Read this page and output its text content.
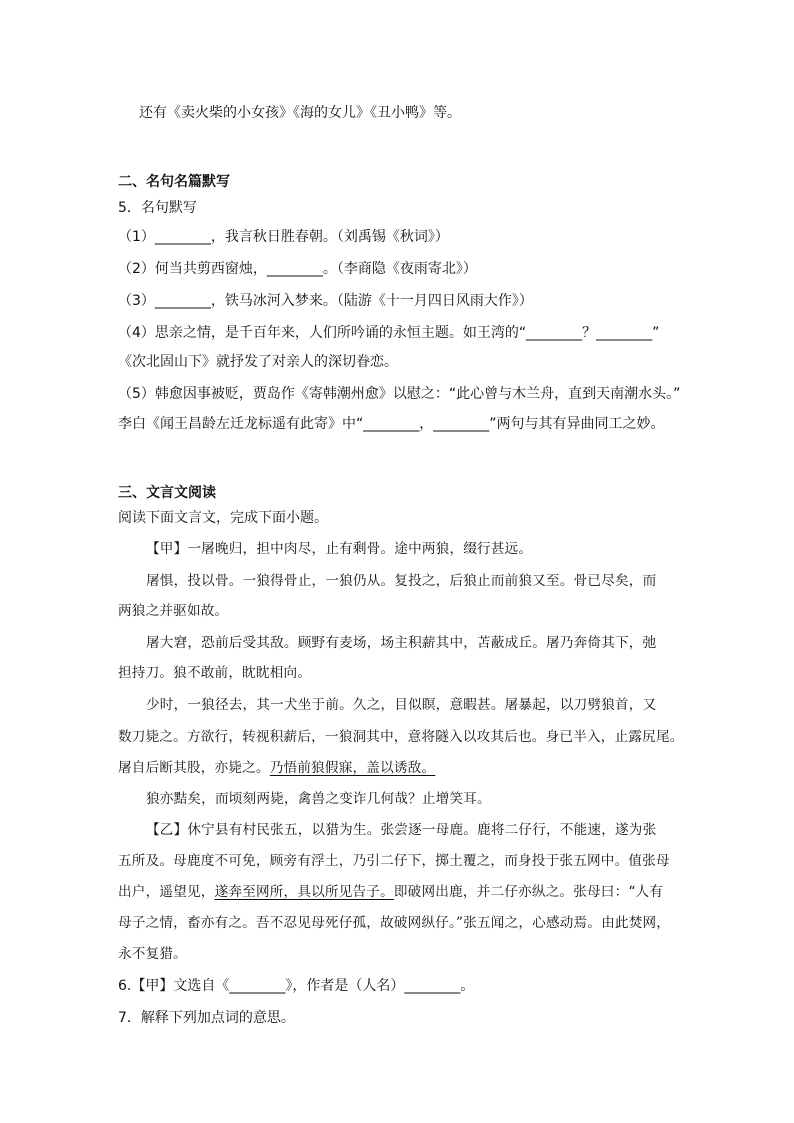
还有《卖火柴的小女孩》《海的女儿》《丑小鸭》等。
二、名句名篇默写
5．名句默写
（1）________，我言秋日胜春朝。（刘禹锡《秋词》）
（2）何当共剪西窗烛，________。（李商隐《夜雨寄北》）
（3）________，铁马冰河入梦来。（陆游《十一月四日风雨大作》）
（4）思亲之情，是千百年来，人们所吟诵的永恒主题。如王湾的“________？________”
《次北固山下》就抒发了对亲人的深切眷恋。
（5）韩愈因事被贬，贾岛作《寄韩潮州愈》以慰之：“此心曾与木兰舟，直到天南潮水头。”
李白《闻王昌龄左迁龙标遥有此寄》中“________，________”两句与其有异曲同工之妙。
三、文言文阅读
阅读下面文言文，完成下面小题。
【甲】一屠晚归，担中肉尽，止有剩骨。途中两狼，缀行甚远。
屠惧，投以骨。一狼得骨止，一狼仍从。复投之，后狼止而前狼又至。骨已尽矣，而
两狼之并驱如故。
屠大窘，恐前后受其敌。顾野有麦场，场主积薪其中，苫蔽成丘。屠乃奔倚其下，弛
担持刀。狼不敢前，眈眈相向。
少时，一狼径去，其一犬坐于前。久之，目似瞑，意暇甚。屠暴起，以刀劈狼首，又
数刀毙之。方欲行，转视积薪后，一狼洞其中，意将隧入以攻其后也。身已半入，止露尻尾。
屠自后断其股，亦毙之。乃悟前狼假寐，盖以诱敌。
狼亦黠矣，而顷刻两毙，禽兽之变诈几何哉？止增笑耳。
【乙】休宁县有村民张五，以猎为生。张尝逐一母鹿。鹿将二仔行，不能速，遂为张
五所及。母鹿度不可免，顾旁有浮土，乃引二仔下，掷土覆之，而身投于张五网中。值张母
出户，遥望见，遂奔至网所，具以所见告子。即破网出鹿，并二仔亦纵之。张母曰：“人有
母子之情，畜亦有之。吾不忍见母死仔孤，故破网纵仔。”张五闻之，心感动焉。由此焚网，
永不复猎。
6.【甲】文选自《________》，作者是（人名）________。
7．解释下列加点词的意思。
